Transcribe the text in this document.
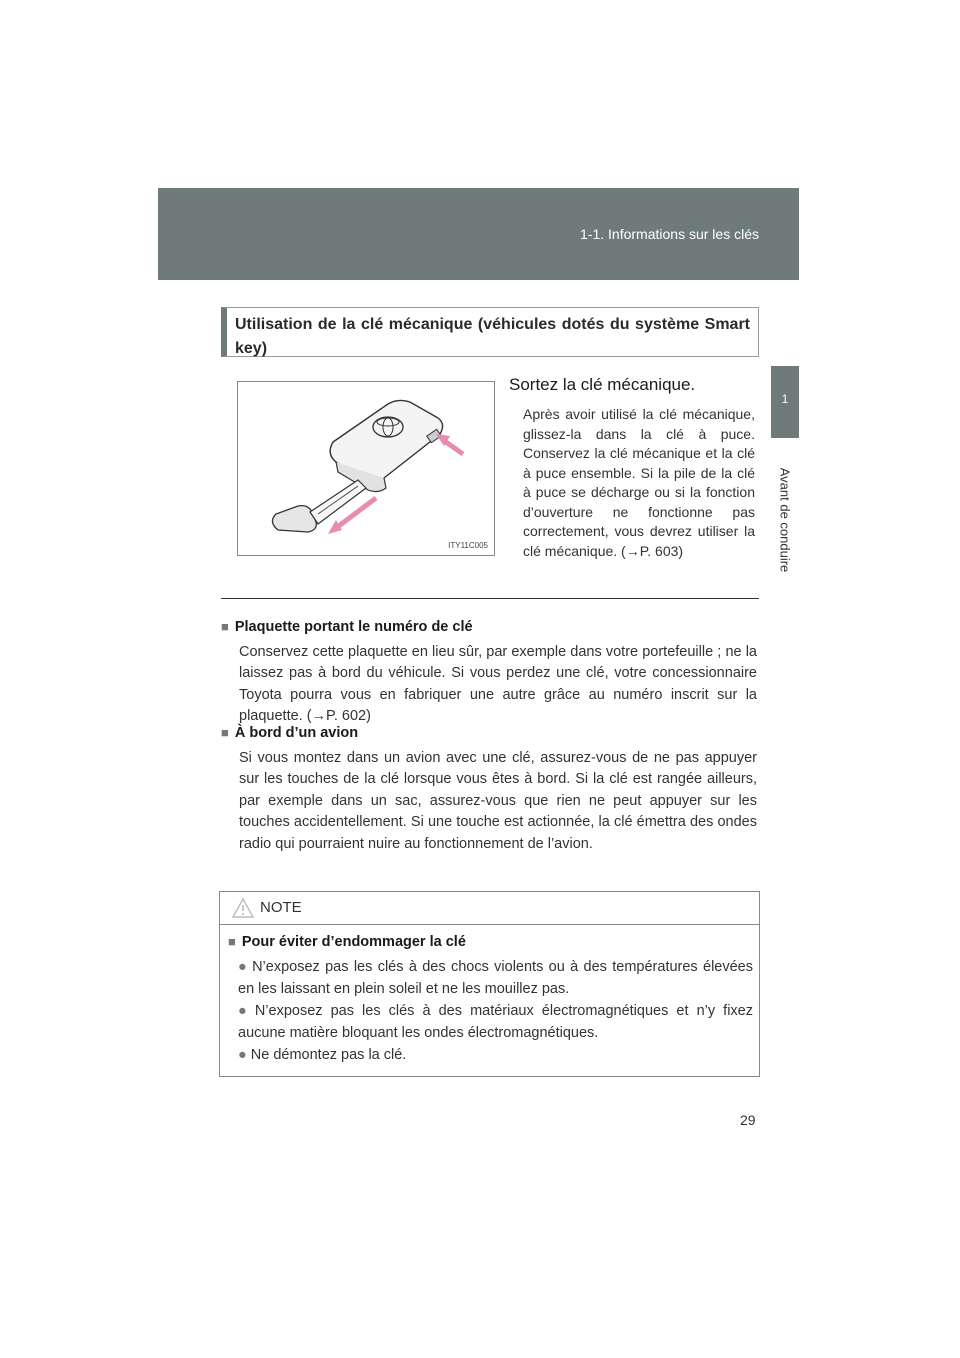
1-1. Informations sur les clés
1
Avant de conduire
Utilisation de la clé mécanique (véhicules dotés du système Smart key)
ITY11C005
Sortez la clé mécanique.
Après avoir utilisé la clé mécanique, glissez-la dans la clé à puce. Conservez la clé mécanique et la clé à puce ensemble. Si la pile de la clé à puce se décharge ou si la fonction d’ouverture ne fonctionne pas correctement, vous devrez utiliser la clé mécanique. (→P. 603)
■ Plaquette portant le numéro de clé
Conservez cette plaquette en lieu sûr, par exemple dans votre portefeuille ; ne la laissez pas à bord du véhicule. Si vous perdez une clé, votre concessionnaire Toyota pourra vous en fabriquer une autre grâce au numéro inscrit sur la plaquette. (→P. 602)
■ À bord d’un avion
Si vous montez dans un avion avec une clé, assurez-vous de ne pas appuyer sur les touches de la clé lorsque vous êtes à bord. Si la clé est rangée ailleurs, par exemple dans un sac, assurez-vous que rien ne peut appuyer sur les touches accidentellement. Si une touche est actionnée, la clé émettra des ondes radio qui pourraient nuire au fonctionnement de l’avion.
NOTE
■ Pour éviter d’endommager la clé
● N’exposez pas les clés à des chocs violents ou à des températures élevées en les laissant en plein soleil et ne les mouillez pas.
● N’exposez pas les clés à des matériaux électromagnétiques et n’y fixez aucune matière bloquant les ondes électromagnétiques.
● Ne démontez pas la clé.
29
